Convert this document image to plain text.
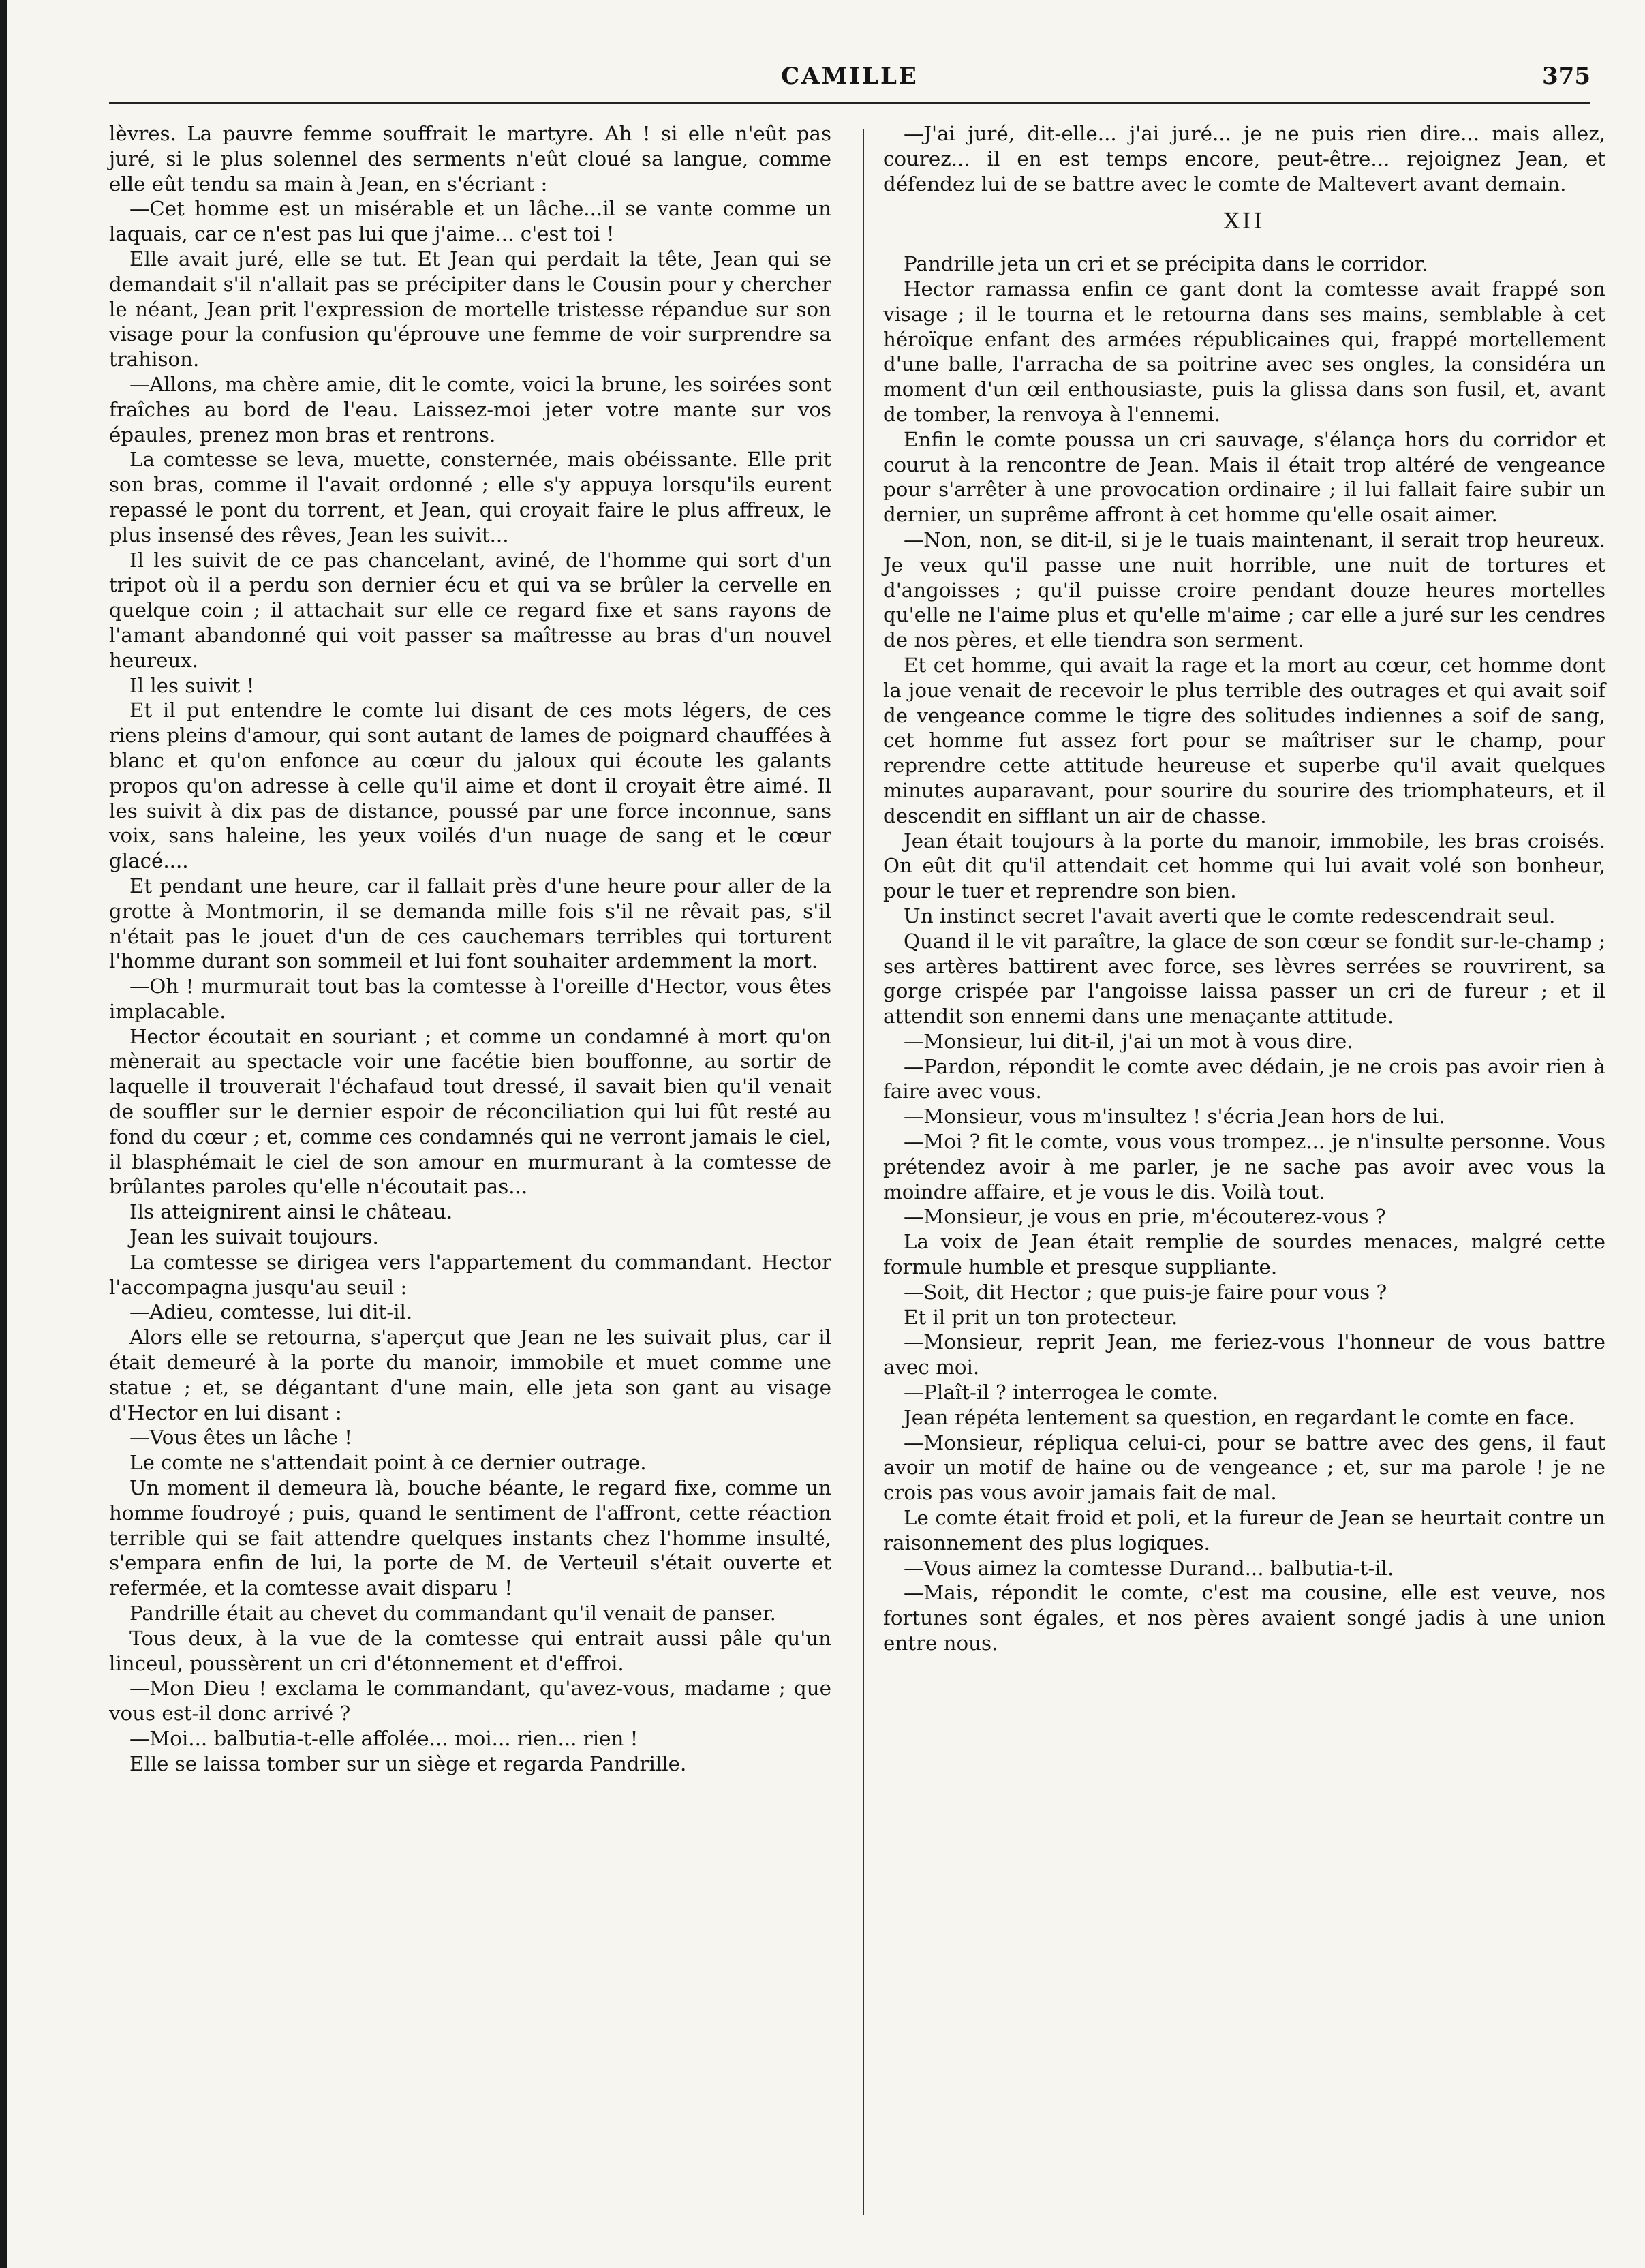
CAMILLE	375

lèvres. La pauvre femme souffrait le martyre. Ah ! si elle n'eût pas juré, si le plus solennel des serments n'eût cloué sa langue, comme elle eût tendu sa main à Jean, en s'écriant :

—Cet homme est un misérable et un lâche...il se vante comme un laquais, car ce n'est pas lui que j'aime... c'est toi !

Elle avait juré, elle se tut. Et Jean qui perdait la tête, Jean qui se demandait s'il n'allait pas se précipiter dans le Cousin pour y chercher le néant, Jean prit l'expression de mortelle tristesse répandue sur son visage pour la confusion qu'éprouve une femme de voir surprendre sa trahison.

—Allons, ma chère amie, dit le comte, voici la brune, les soirées sont fraîches au bord de l'eau. Laissez-moi jeter votre mante sur vos épaules, prenez mon bras et rentrons.

La comtesse se leva, muette, consternée, mais obéissante. Elle prit son bras, comme il l'avait ordonné ; elle s'y appuya lorsqu'ils eurent repassé le pont du torrent, et Jean, qui croyait faire le plus affreux, le plus insensé des rêves, Jean les suivit...

Il les suivit de ce pas chancelant, aviné, de l'homme qui sort d'un tripot où il a perdu son dernier écu et qui va se brûler la cervelle en quelque coin ; il attachait sur elle ce regard fixe et sans rayons de l'amant abandonné qui voit passer sa maîtresse au bras d'un nouvel heureux.

Il les suivit !

Et il put entendre le comte lui disant de ces mots légers, de ces riens pleins d'amour, qui sont autant de lames de poignard chauffées à blanc et qu'on enfonce au cœur du jaloux qui écoute les galants propos qu'on adresse à celle qu'il aime et dont il croyait être aimé. Il les suivit à dix pas de distance, poussé par une force inconnue, sans voix, sans haleine, les yeux voilés d'un nuage de sang et le cœur glacé....

Et pendant une heure, car il fallait près d'une heure pour aller de la grotte à Montmorin, il se demanda mille fois s'il ne rêvait pas, s'il n'était pas le jouet d'un de ces cauchemars terribles qui torturent l'homme durant son sommeil et lui font souhaiter ardemment la mort.

—Oh ! murmurait tout bas la comtesse à l'oreille d'Hector, vous êtes implacable.

Hector écoutait en souriant ; et comme un condamné à mort qu'on mènerait au spectacle voir une facétie bien bouffonne, au sortir de laquelle il trouverait l'échafaud tout dressé, il savait bien qu'il venait de souffler sur le dernier espoir de réconciliation qui lui fût resté au fond du cœur ; et, comme ces condamnés qui ne verront jamais le ciel, il blasphémait le ciel de son amour en murmurant à la comtesse de brûlantes paroles qu'elle n'écoutait pas...

Ils atteignirent ainsi le château.

Jean les suivait toujours.

La comtesse se dirigea vers l'appartement du commandant. Hector l'accompagna jusqu'au seuil :

—Adieu, comtesse, lui dit-il.

Alors elle se retourna, s'aperçut que Jean ne les suivait plus, car il était demeuré à la porte du manoir, immobile et muet comme une statue ; et, se dégantant d'une main, elle jeta son gant au visage d'Hector en lui disant :

—Vous êtes un lâche !

Le comte ne s'attendait point à ce dernier outrage.

Un moment il demeura là, bouche béante, le regard fixe, comme un homme foudroyé ; puis, quand le sentiment de l'affront, cette réaction terrible qui se fait attendre quelques instants chez l'homme insulté, s'empara enfin de lui, la porte de M. de Verteuil s'était ouverte et refermée, et la comtesse avait disparu !

Pandrille était au chevet du commandant qu'il venait de panser.

Tous deux, à la vue de la comtesse qui entrait aussi pâle qu'un linceul, poussèrent un cri d'étonnement et d'effroi.

—Mon Dieu ! exclama le commandant, qu'avez-vous, madame ; que vous est-il donc arrivé ?

—Moi... balbutia-t-elle affolée... moi... rien... rien !

Elle se laissa tomber sur un siège et regarda Pandrille.

—J'ai juré, dit-elle... j'ai juré... je ne puis rien dire... mais allez, courez... il en est temps encore, peut-être... rejoignez Jean, et défendez lui de se battre avec le comte de Maltevert avant demain.

XII

Pandrille jeta un cri et se précipita dans le corridor.

Hector ramassa enfin ce gant dont la comtesse avait frappé son visage ; il le tourna et le retourna dans ses mains, semblable à cet héroïque enfant des armées républicaines qui, frappé mortellement d'une balle, l'arracha de sa poitrine avec ses ongles, la considéra un moment d'un œil enthousiaste, puis la glissa dans son fusil, et, avant de tomber, la renvoya à l'ennemi.

Enfin le comte poussa un cri sauvage, s'élança hors du corridor et courut à la rencontre de Jean. Mais il était trop altéré de vengeance pour s'arrêter à une provocation ordinaire ; il lui fallait faire subir un dernier, un suprême affront à cet homme qu'elle osait aimer.

—Non, non, se dit-il, si je le tuais maintenant, il serait trop heureux. Je veux qu'il passe une nuit horrible, une nuit de tortures et d'angoisses ; qu'il puisse croire pendant douze heures mortelles qu'elle ne l'aime plus et qu'elle m'aime ; car elle a juré sur les cendres de nos pères, et elle tiendra son serment.

Et cet homme, qui avait la rage et la mort au cœur, cet homme dont la joue venait de recevoir le plus terrible des outrages et qui avait soif de vengeance comme le tigre des solitudes indiennes a soif de sang, cet homme fut assez fort pour se maîtriser sur le champ, pour reprendre cette attitude heureuse et superbe qu'il avait quelques minutes auparavant, pour sourire du sourire des triomphateurs, et il descendit en sifflant un air de chasse.

Jean était toujours à la porte du manoir, immobile, les bras croisés. On eût dit qu'il attendait cet homme qui lui avait volé son bonheur, pour le tuer et reprendre son bien.

Un instinct secret l'avait averti que le comte redescendrait seul.

Quand il le vit paraître, la glace de son cœur se fondit sur-le-champ ; ses artères battirent avec force, ses lèvres serrées se rouvrirent, sa gorge crispée par l'angoisse laissa passer un cri de fureur ; et il attendit son ennemi dans une menaçante attitude.

—Monsieur, lui dit-il, j'ai un mot à vous dire.

—Pardon, répondit le comte avec dédain, je ne crois pas avoir rien à faire avec vous.

—Monsieur, vous m'insultez ! s'écria Jean hors de lui.

—Moi ? fit le comte, vous vous trompez... je n'insulte personne. Vous prétendez avoir à me parler, je ne sache pas avoir avec vous la moindre affaire, et je vous le dis. Voilà tout.

—Monsieur, je vous en prie, m'écouterez-vous ?

La voix de Jean était remplie de sourdes menaces, malgré cette formule humble et presque suppliante.

—Soit, dit Hector ; que puis-je faire pour vous ?

Et il prit un ton protecteur.

—Monsieur, reprit Jean, me feriez-vous l'honneur de vous battre avec moi.

—Plaît-il ? interrogea le comte.

Jean répéta lentement sa question, en regardant le comte en face.

—Monsieur, répliqua celui-ci, pour se battre avec des gens, il faut avoir un motif de haine ou de vengeance ; et, sur ma parole ! je ne crois pas vous avoir jamais fait de mal.

Le comte était froid et poli, et la fureur de Jean se heurtait contre un raisonnement des plus logiques.

—Vous aimez la comtesse Durand... balbutia-t-il.

—Mais, répondit le comte, c'est ma cousine, elle est veuve, nos fortunes sont égales, et nos pères avaient songé jadis à une union entre nous.
